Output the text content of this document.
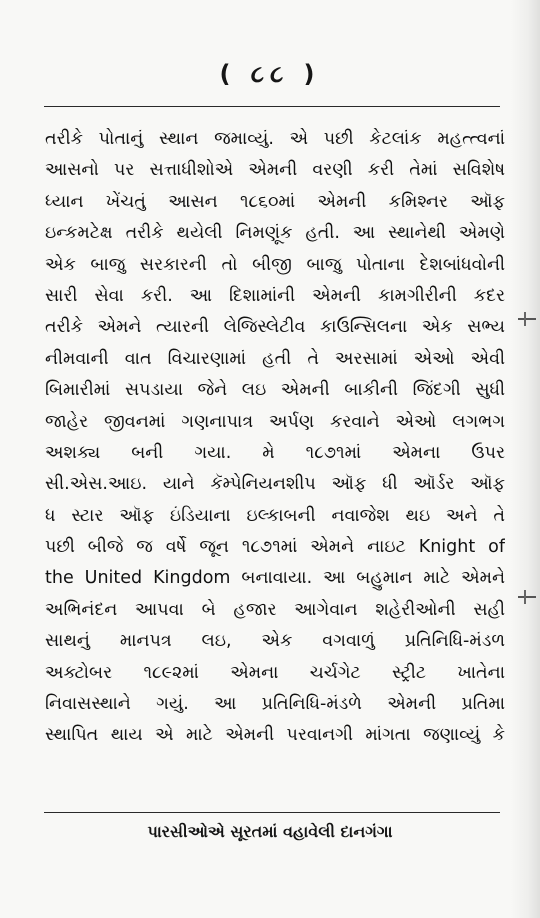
( ૮૮ )
તરીકે પોતાનું સ્થાન જમાવ્યું. એ પછી કેટલાંક મહત્ત્વનાં
આસનો પર સત્તાધીશોએ એમની વરણી કરી તેમાં સવિશેષ
ધ્યાન ખેંચતું આસન ૧૮૬૦માં એમની કમિશ્નર ઑફ
ઇન્કમટેક્ષ તરીકે થયેલી નિમણૂંક હતી. આ સ્થાનેથી એમણે
એક બાજુ સરકારની તો બીજી બાજુ પોતાના દેશબાંધવોની
સારી સેવા કરી. આ દિશામાંની એમની કામગીરીની કદર
તરીકે એમને ત્યારની લેજિસ્લેટીવ કાઉન્સિલના એક સભ્ય
નીમવાની વાત વિચારણામાં હતી તે અરસામાં એઓ એવી
બિમારીમાં સપડાયા જેને લઇ એમની બાકીની જિંદગી સુધી
જાહેર જીવનમાં ગણનાપાત્ર અર્પણ કરવાને એઓ લગભગ
અશક્ય બની ગયા. મે ૧૮૭૧માં એમના ઉપર
સી.એસ.આઇ. યાને કૅમ્પેનિયનશીપ ઑફ ધી ઑર્ડર ઑફ
ધ સ્ટાર ઑફ ઇંડિયાના ઇલ્કાબની નવાજેશ થઇ અને તે
પછી બીજે જ વર્ષે જૂન ૧૮૭૧માં એમને નાઇટ Knight of
the United Kingdom બનાવાયા. આ બહુમાન માટે એમને
અભિનંદન આપવા બે હજાર આગેવાન શહેરીઓની સહી
સાથનું માનપત્ર લઇ, એક વગવાળું પ્રતિનિધિ-મંડળ
અક્ટોબર ૧૮૯૨માં એમના ચર્ચગેટ સ્ટ્રીટ ખાતેના
નિવાસસ્થાને ગયું. આ પ્રતિનિધિ-મંડળે એમની પ્રતિમા
સ્થાપિત થાય એ માટે એમની પરવાનગી માંગતા જણાવ્યું કે
પારસીઓએ સૂરતમાં વહાવેલી દાનગંગા
